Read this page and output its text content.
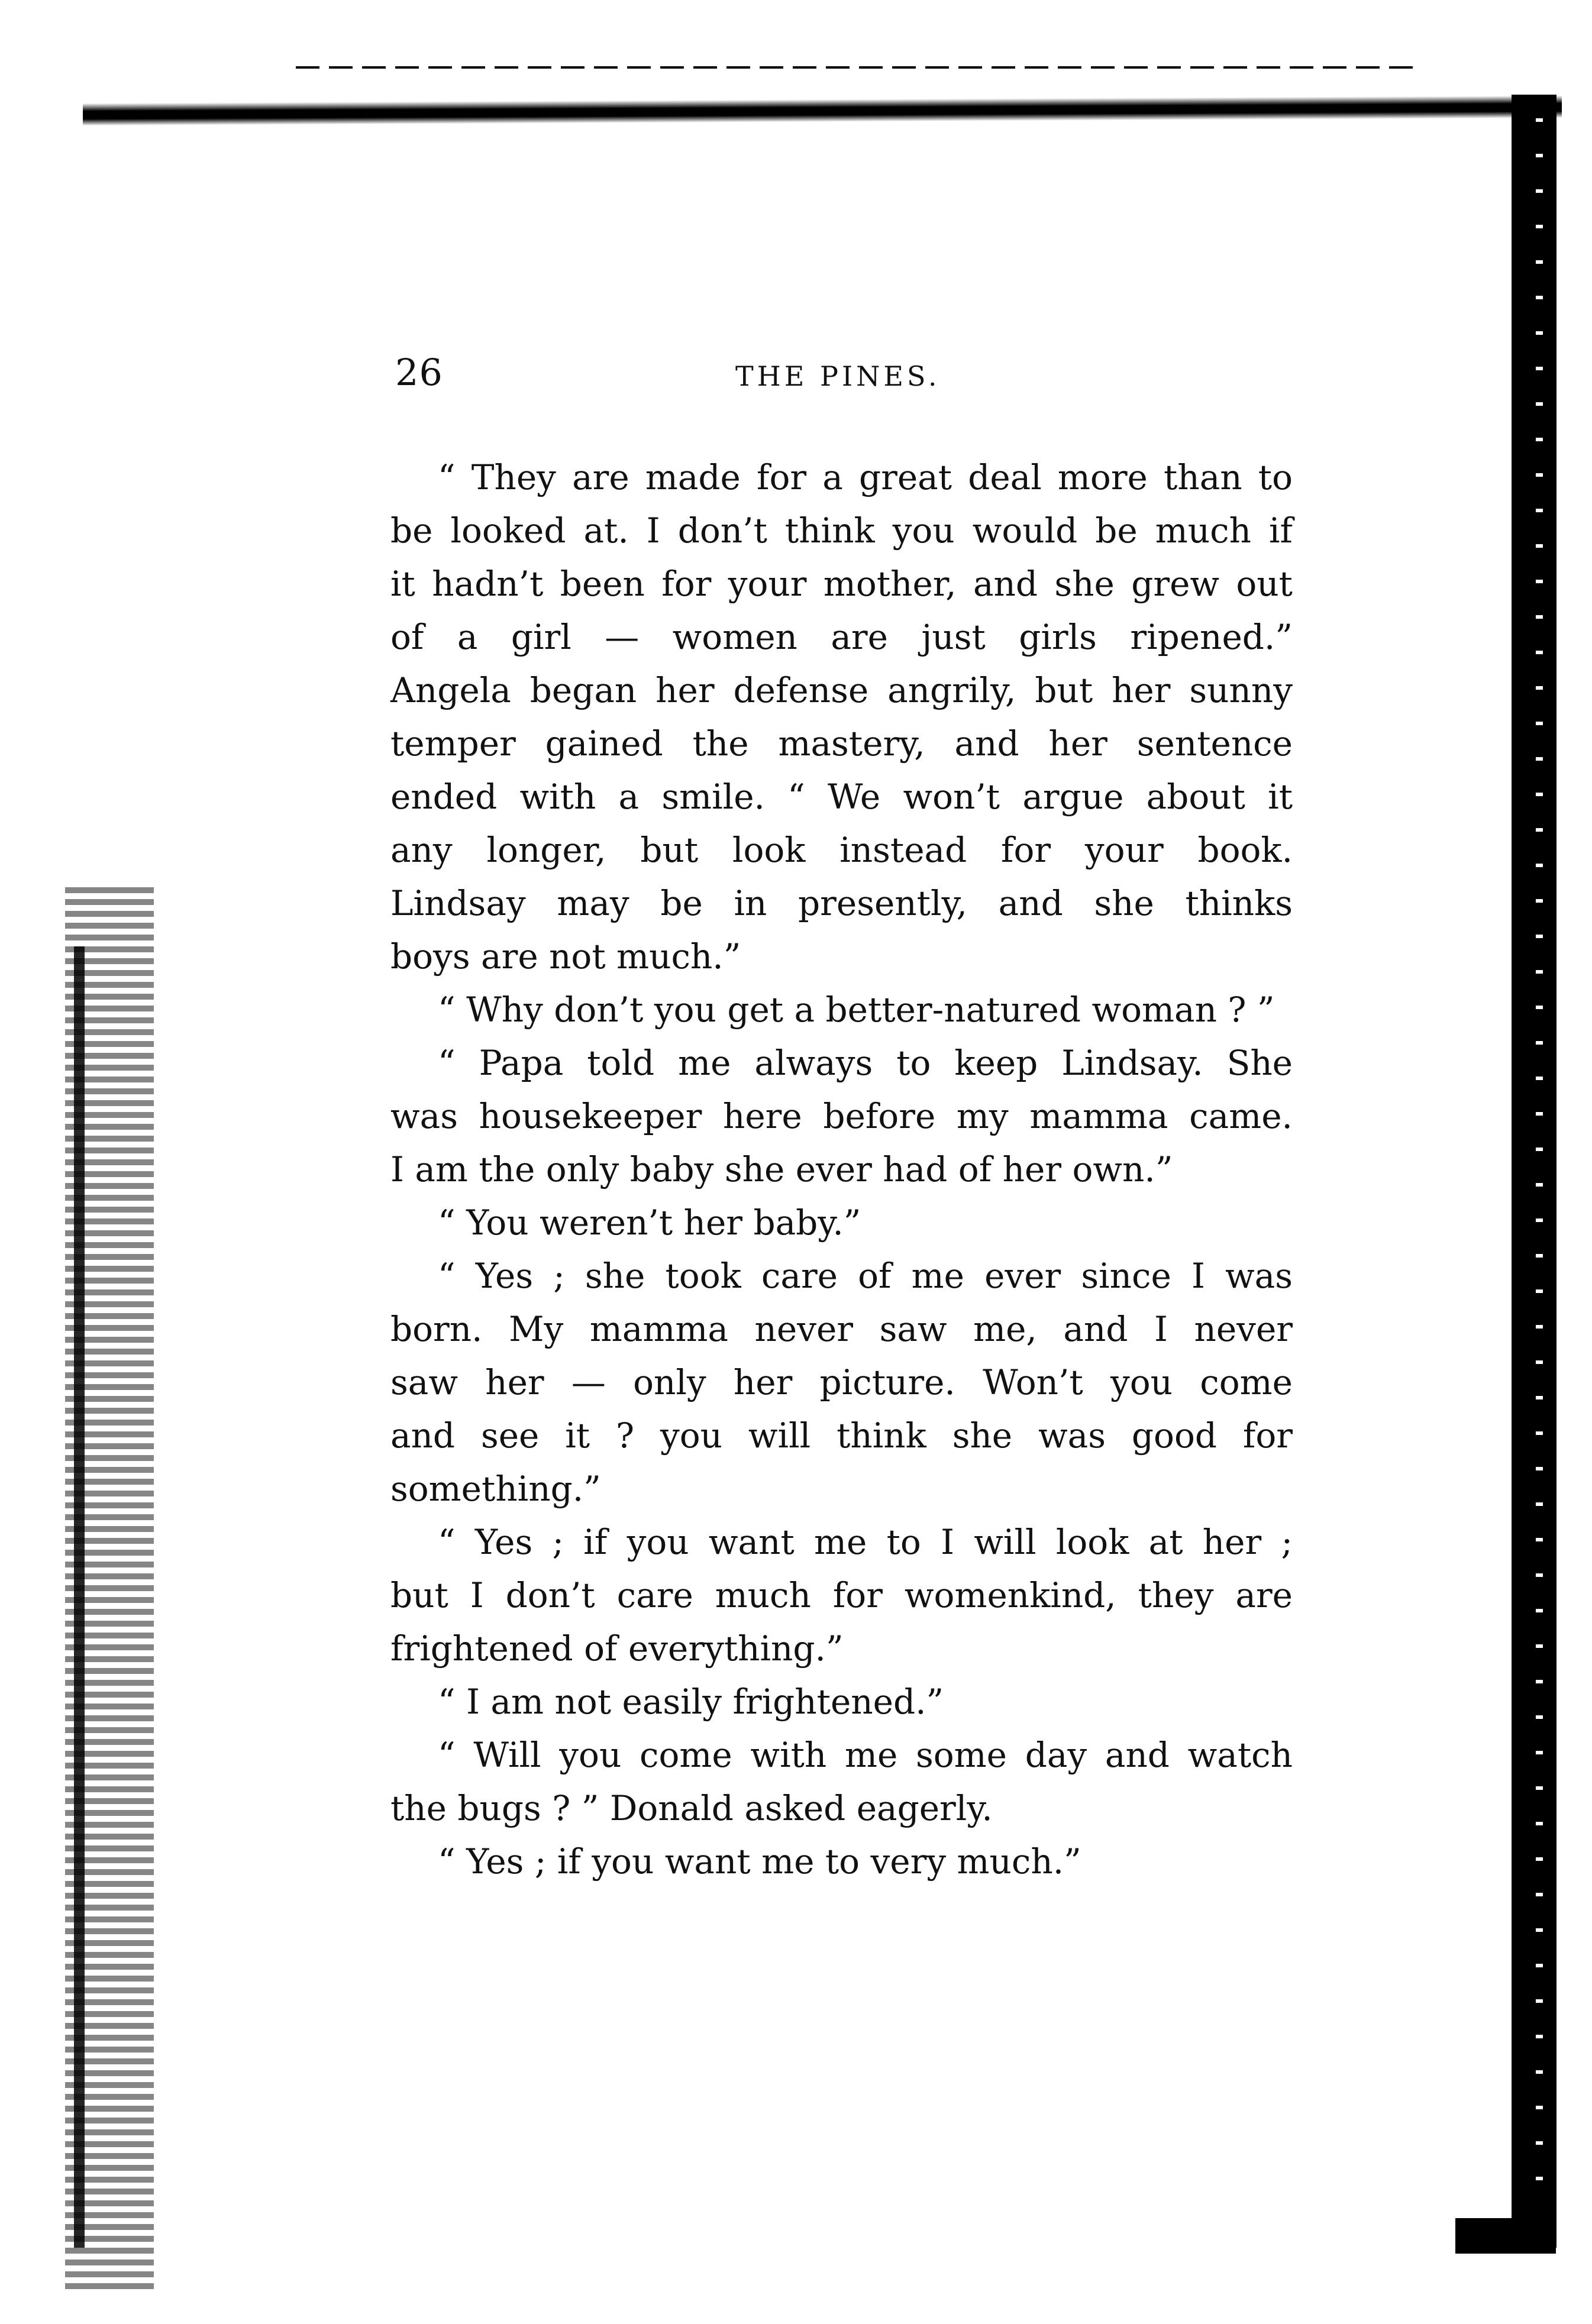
26	THE PINES.
“ They are made for a great deal more than to
be looked at. I don’t think you would be much if
it hadn’t been for your mother, and she grew out
of a girl — women are just girls ripened.”
Angela began her defense angrily, but her sunny
temper gained the mastery, and her sentence
ended with a smile. “ We won’t argue about it
any longer, but look instead for your book.
Lindsay may be in presently, and she thinks
boys are not much.”
“ Why don’t you get a better-natured woman ? ”
“ Papa told me always to keep Lindsay. She
was housekeeper here before my mamma came.
I am the only baby she ever had of her own.”
“ You weren’t her baby.”
“ Yes ; she took care of me ever since I was
born. My mamma never saw me, and I never
saw her — only her picture. Won’t you come
and see it ? you will think she was good for
something.”
“ Yes ; if you want me to I will look at her ;
but I don’t care much for womenkind, they are
frightened of everything.”
“ I am not easily frightened.”
“ Will you come with me some day and watch
the bugs ? ” Donald asked eagerly.
“ Yes ; if you want me to very much.”
